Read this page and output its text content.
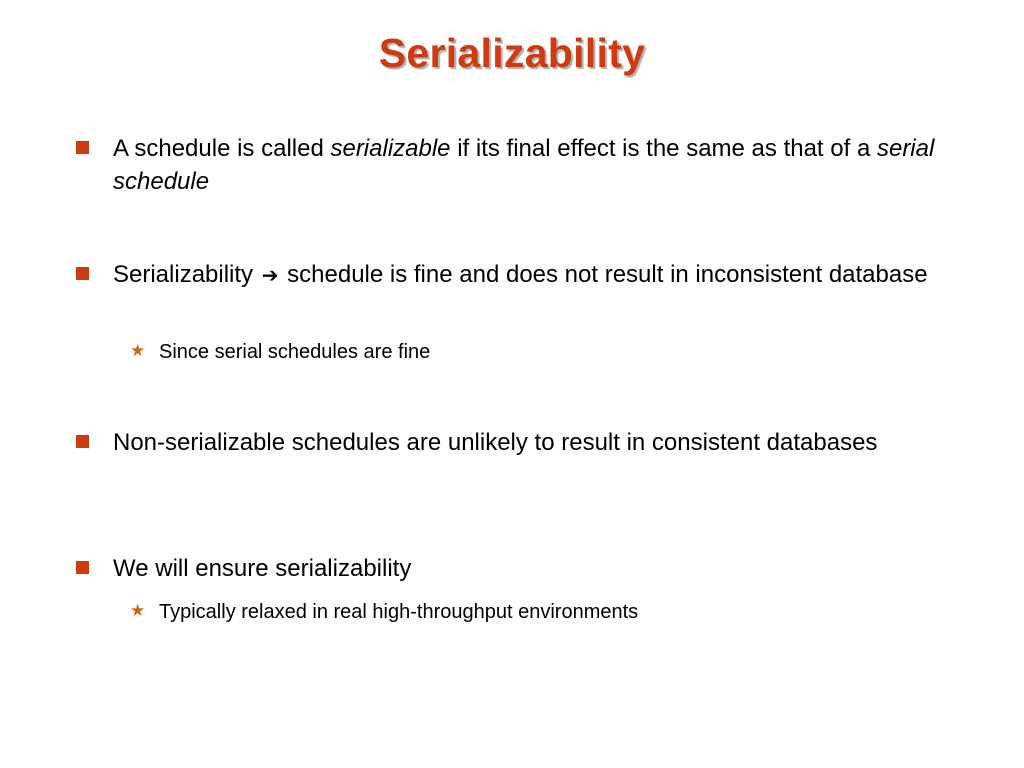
Serializability
A schedule is called serializable if its final effect is the same as that of a serial schedule
Serializability ➔ schedule is fine and does not result in inconsistent database
★ Since serial schedules are fine
Non-serializable schedules are unlikely to result in consistent databases
We will ensure serializability
★ Typically relaxed in real high-throughput environments
